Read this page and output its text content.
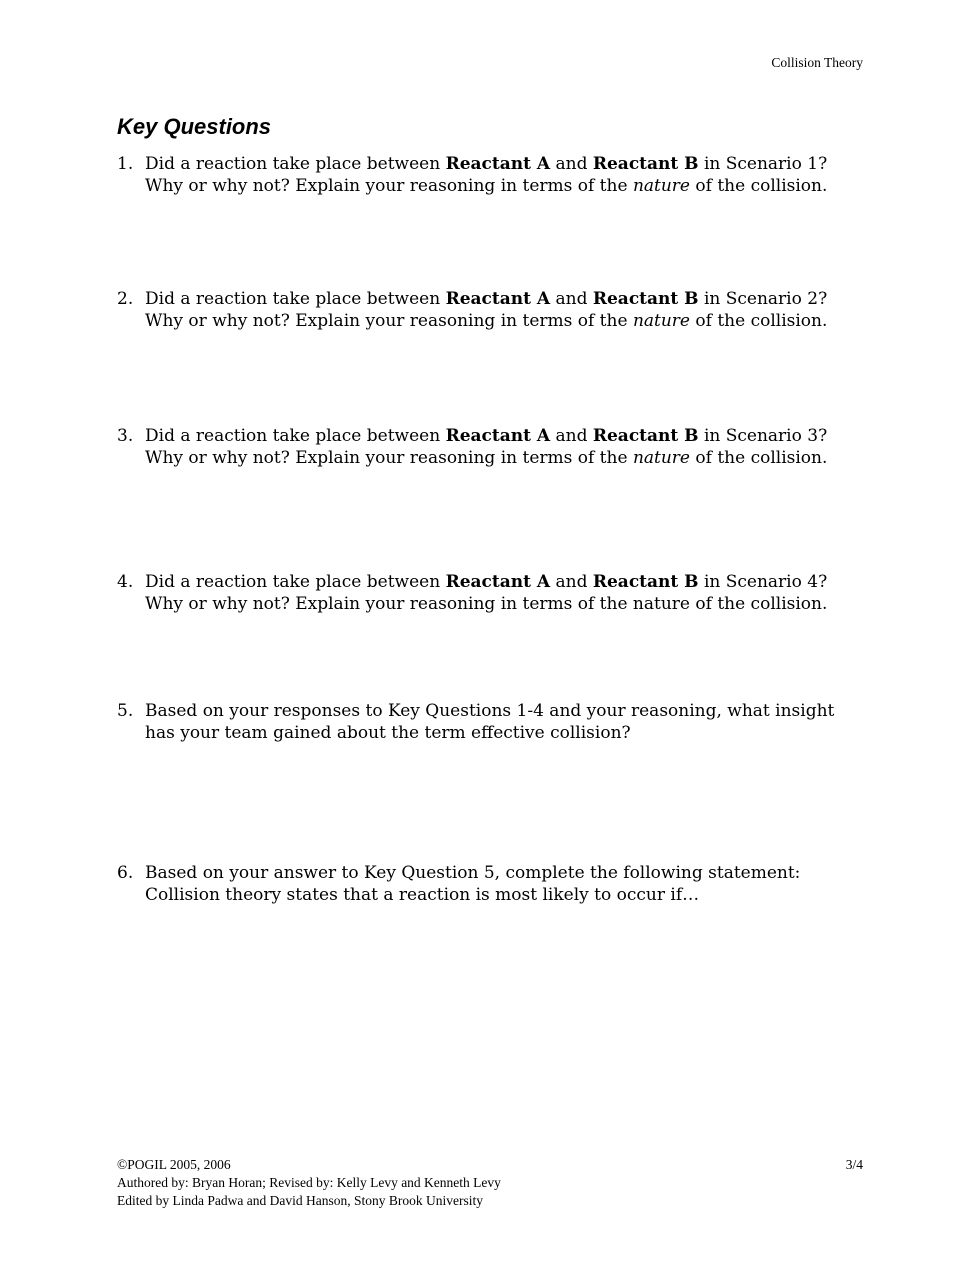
Collision Theory
Key Questions
1. Did a reaction take place between Reactant A and Reactant B in Scenario 1?
Why or why not? Explain your reasoning in terms of the nature of the collision.
2. Did a reaction take place between Reactant A and Reactant B in Scenario 2?
Why or why not? Explain your reasoning in terms of the nature of the collision.
3. Did a reaction take place between Reactant A and Reactant B in Scenario 3?
Why or why not? Explain your reasoning in terms of the nature of the collision.
4. Did a reaction take place between Reactant A and Reactant B in Scenario 4?
Why or why not? Explain your reasoning in terms of the nature of the collision.
5. Based on your responses to Key Questions 1-4 and your reasoning, what insight
has your team gained about the term effective collision?
6. Based on your answer to Key Question 5, complete the following statement:
Collision theory states that a reaction is most likely to occur if…
©POGIL 2005, 2006
Authored by: Bryan Horan; Revised by: Kelly Levy and Kenneth Levy
Edited by Linda Padwa and David Hanson, Stony Brook University
3/4
